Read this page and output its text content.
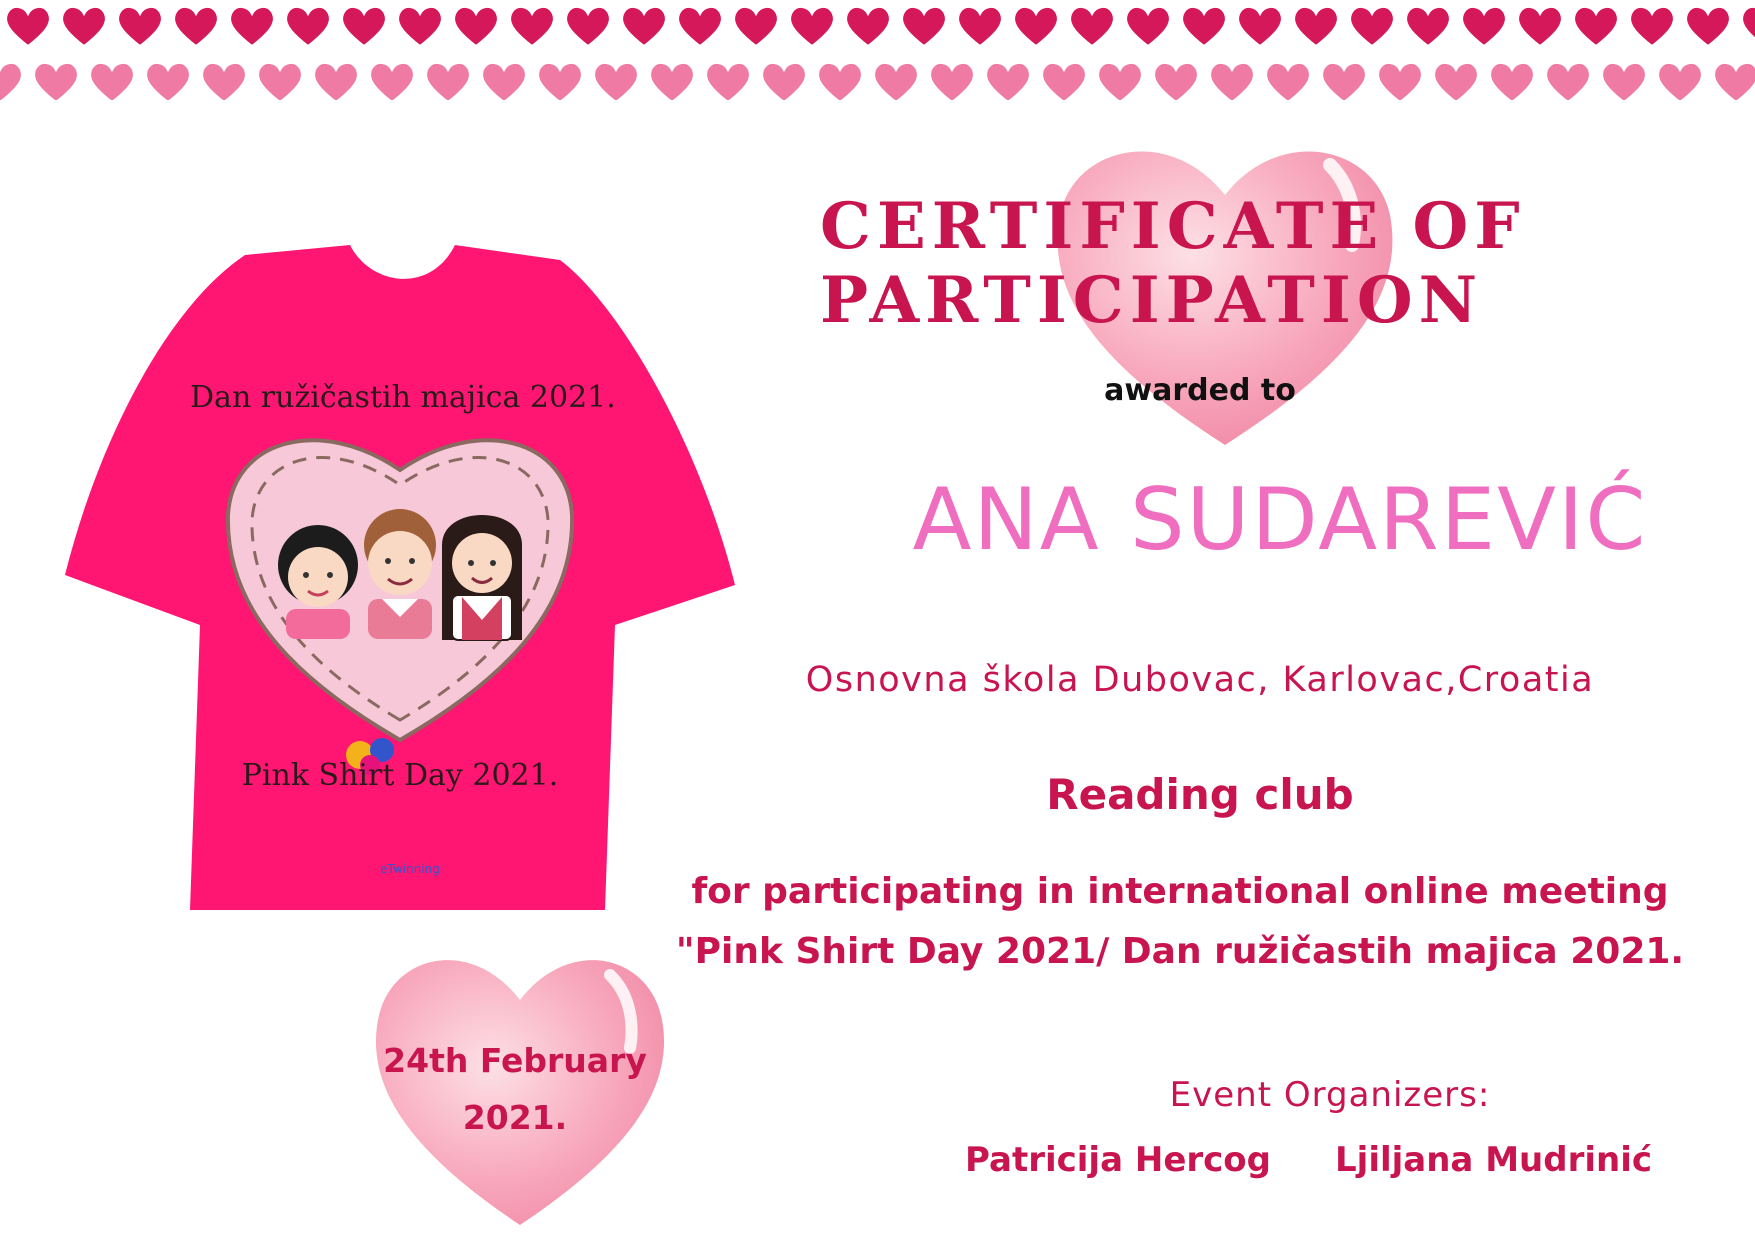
Dan ružičastih majica 2021.
Pink Shirt Day 2021.
eTwinning
CERTIFICATE OF
PARTICIPATION
awarded to
ANA SUDAREVIĆ
Osnovna škola Dubovac, Karlovac,Croatia
Reading club
for participating in international online meeting
"Pink Shirt Day 2021/ Dan ružičastih majica 2021.
24th February
2021.
Event Organizers:
Patricija Hercog Ljiljana Mudrinić
